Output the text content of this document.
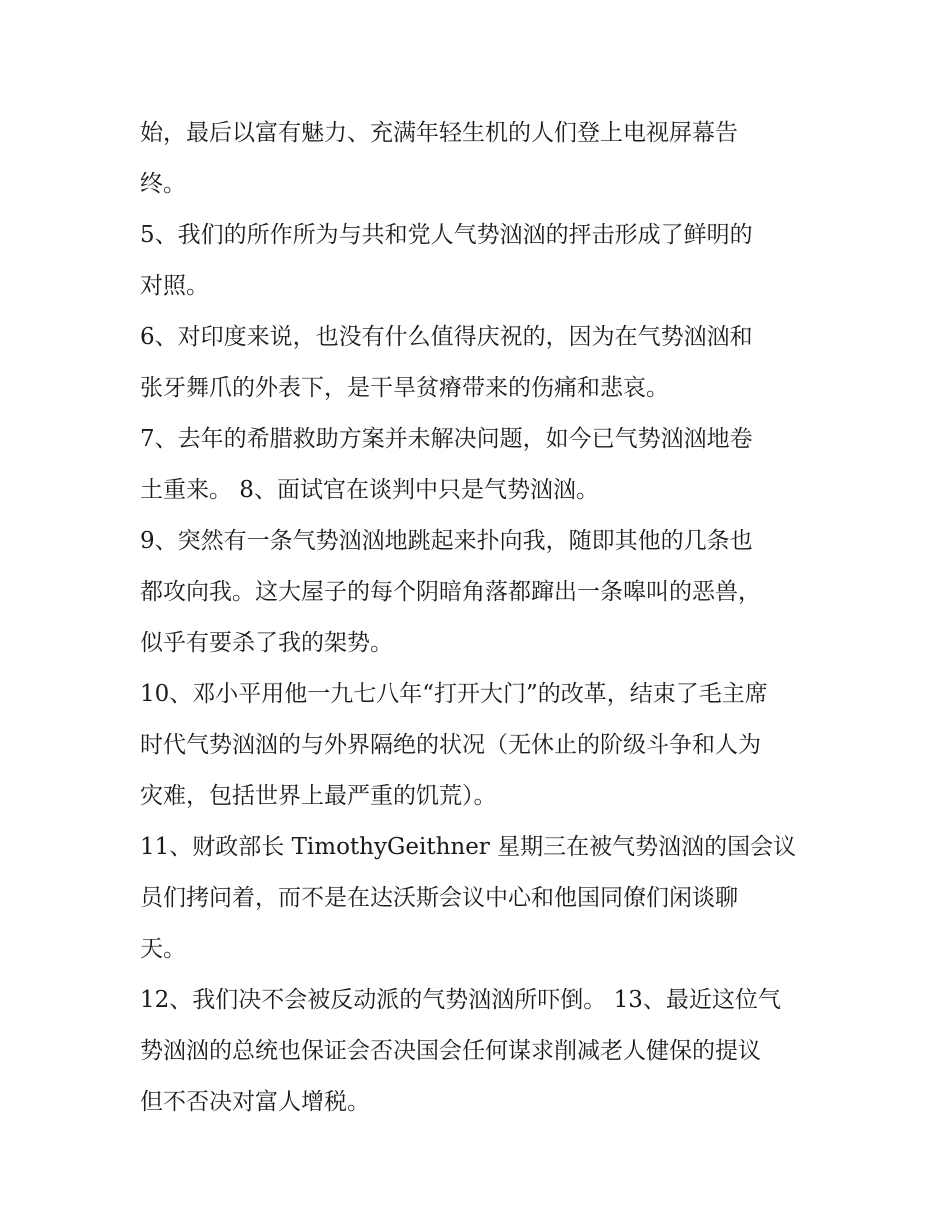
始，最后以富有魅力、充满年轻生机的人们登上电视屏幕告

终。

5、我们的所作所为与共和党人气势汹汹的抨击形成了鲜明的

对照。

6、对印度来说，也没有什么值得庆祝的，因为在气势汹汹和

张牙舞爪的外表下，是干旱贫瘠带来的伤痛和悲哀。

7、去年的希腊救助方案并未解决问题，如今已气势汹汹地卷

土重来。 8、面试官在谈判中只是气势汹汹。

9、突然有一条气势汹汹地跳起来扑向我，随即其他的几条也

都攻向我。这大屋子的每个阴暗角落都蹿出一条嗥叫的恶兽，

似乎有要杀了我的架势。

10、邓小平用他一九七八年“打开大门”的改革，结束了毛主席

时代气势汹汹的与外界隔绝的状况（无休止的阶级斗争和人为

灾难，包括世界上最严重的饥荒）。

11、财政部长 TimothyGeithner 星期三在被气势汹汹的国会议

员们拷问着，而不是在达沃斯会议中心和他国同僚们闲谈聊

天。

12、我们决不会被反动派的气势汹汹所吓倒。 13、最近这位气

势汹汹的总统也保证会否决国会任何谋求削减老人健保的提议

但不否决对富人增税。
